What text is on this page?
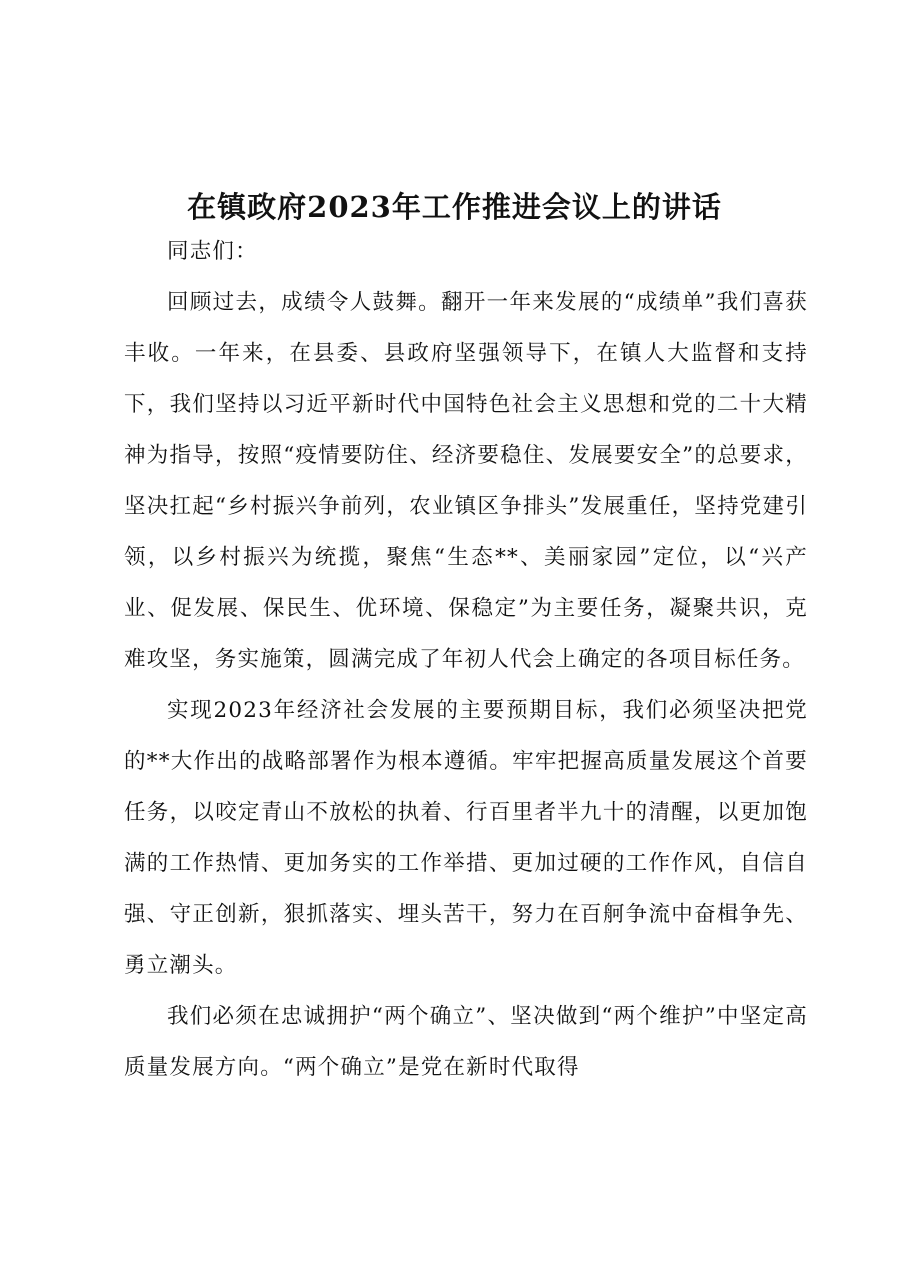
在镇政府2023年工作推进会议上的讲话

同志们：

回顾过去，成绩令人鼓舞。翻开一年来发展的“成绩单”我们喜获丰收。一年来，在县委、县政府坚强领导下，在镇人大监督和支持下，我们坚持以习近平新时代中国特色社会主义思想和党的二十大精神为指导，按照“疫情要防住、经济要稳住、发展要安全”的总要求，坚决扛起“乡村振兴争前列，农业镇区争排头”发展重任，坚持党建引领，以乡村振兴为统揽，聚焦“生态**、美丽家园”定位，以“兴产业、促发展、保民生、优环境、保稳定”为主要任务，凝聚共识，克难攻坚，务实施策，圆满完成了年初人代会上确定的各项目标任务。

实现2023年经济社会发展的主要预期目标，我们必须坚决把党的**大作出的战略部署作为根本遵循。牢牢把握高质量发展这个首要任务，以咬定青山不放松的执着、行百里者半九十的清醒，以更加饱满的工作热情、更加务实的工作举措、更加过硬的工作作风，自信自强、守正创新，狠抓落实、埋头苦干，努力在百舸争流中奋楫争先、勇立潮头。

我们必须在忠诚拥护“两个确立”、坚决做到“两个维护”中坚定高质量发展方向。“两个确立”是党在新时代取得
